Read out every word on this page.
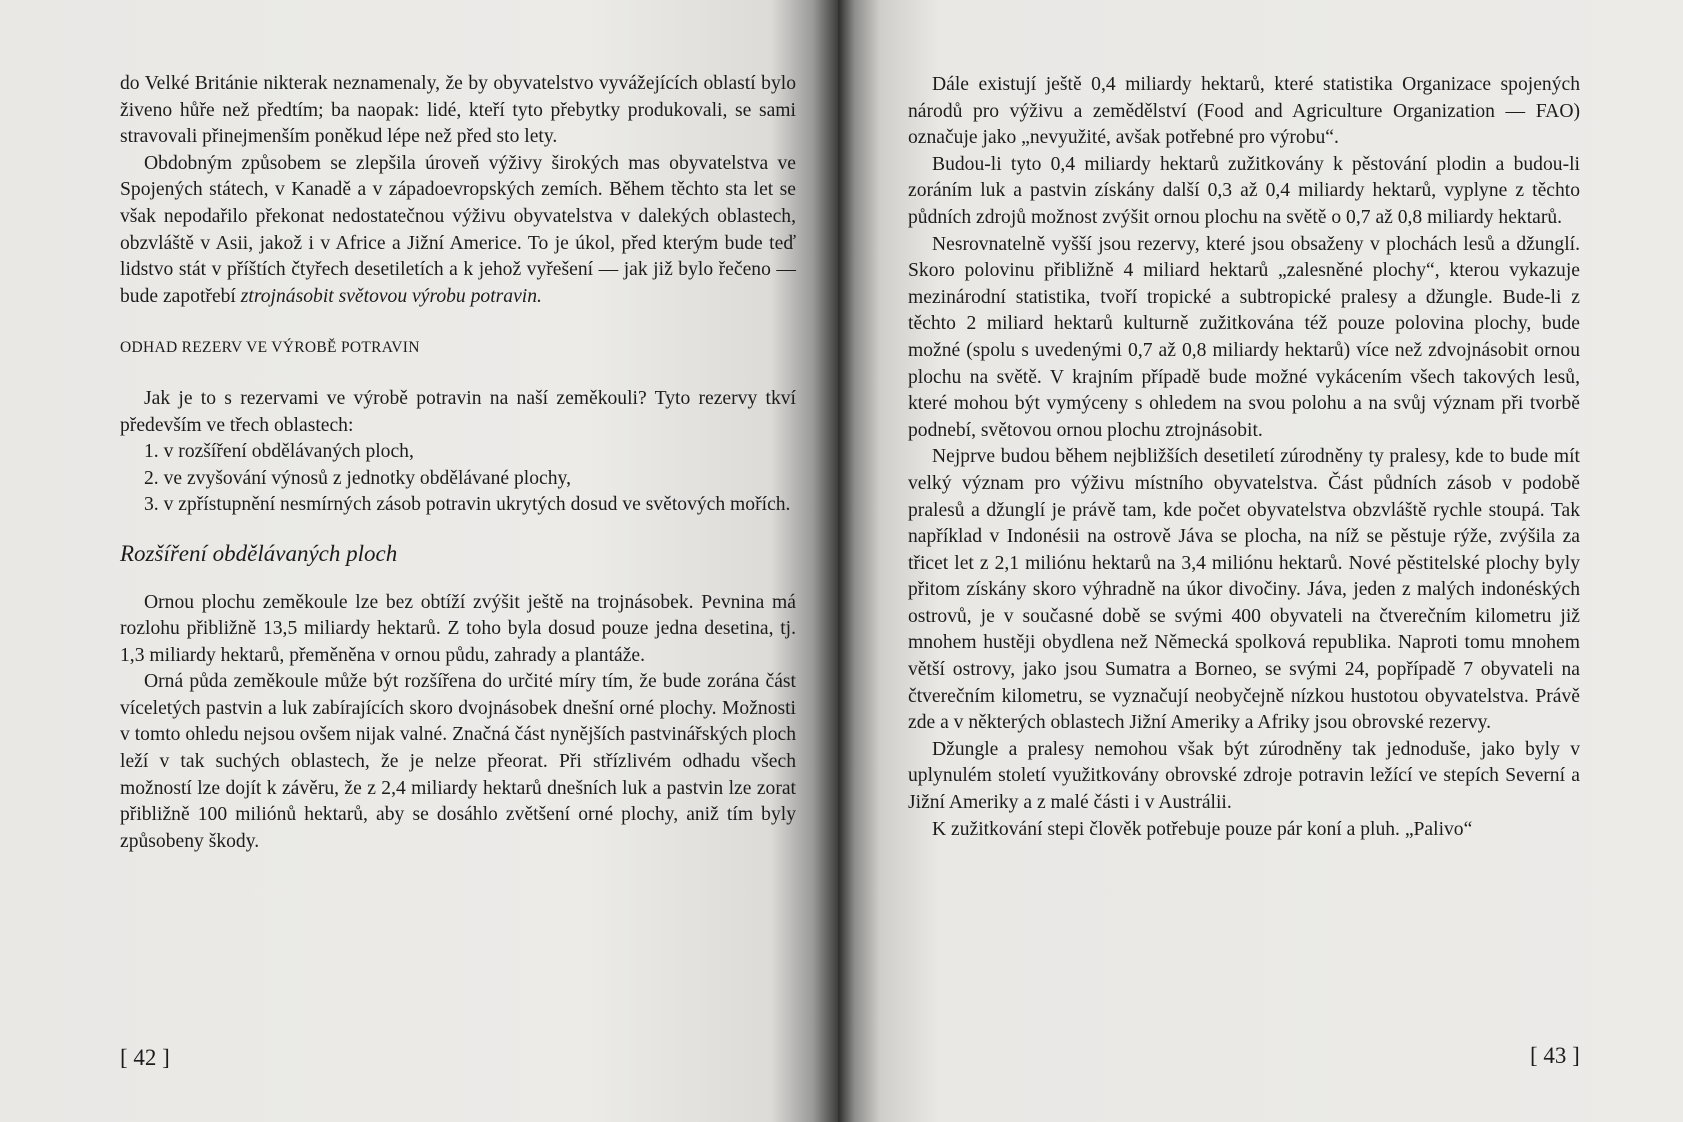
do Velké Británie nikterak neznamenaly, že by obyvatelstvo vyvážejících oblastí bylo živeno hůře než předtím; ba naopak: lidé, kteří tyto přebytky produkovali, se sami stravovali přinejmenším poněkud lépe než před sto lety.

Obdobným způsobem se zlepšila úroveň výživy širokých mas obyvatelstva ve Spojených státech, v Kanadě a v západoevropských zemích. Během těchto sta let se však nepodařilo překonat nedostatečnou výživu obyvatelstva v dalekých oblastech, obzvláště v Asii, jakož i v Africe a Jižní Americe. To je úkol, před kterým bude teď lidstvo stát v příštích čtyřech desetiletích a k jehož vyřešení — jak již bylo řečeno — bude zapotřebí ztrojnásobit světovou výrobu potravin.

ODHAD REZERV VE VÝROBĚ POTRAVIN

Jak je to s rezervami ve výrobě potravin na naší zeměkouli? Tyto rezervy tkví především ve třech oblastech:

1. v rozšíření obdělávaných ploch,

2. ve zvyšování výnosů z jednotky obdělávané plochy,

3. v zpřístupnění nesmírných zásob potravin ukrytých dosud ve světových mořích.

Rozšíření obdělávaných ploch

Ornou plochu zeměkoule lze bez obtíží zvýšit ještě na trojnásobek. Pevnina má rozlohu přibližně 13,5 miliardy hektarů. Z toho byla dosud pouze jedna desetina, tj. 1,3 miliardy hektarů, přeměněna v ornou půdu, zahrady a plantáže.

Orná půda zeměkoule může být rozšířena do určité míry tím, že bude zorána část víceletých pastvin a luk zabírajících skoro dvojnásobek dnešní orné plochy. Možnosti v tomto ohledu nejsou ovšem nijak valné. Značná část nynějších pastvinářských ploch leží v tak suchých oblastech, že je nelze přeorat. Při střízlivém odhadu všech možností lze dojít k závěru, že z 2,4 miliardy hektarů dnešních luk a pastvin lze zorat přibližně 100 miliónů hektarů, aby se dosáhlo zvětšení orné plochy, aniž tím byly způsobeny škody.

[ 42 ]

Dále existují ještě 0,4 miliardy hektarů, které statistika Organizace spojených národů pro výživu a zemědělství (Food and Agriculture Organization — FAO) označuje jako „nevyužité, avšak potřebné pro výrobu“.

Budou-li tyto 0,4 miliardy hektarů zužitkovány k pěstování plodin a budou-li zoráním luk a pastvin získány další 0,3 až 0,4 miliardy hektarů, vyplyne z těchto půdních zdrojů možnost zvýšit ornou plochu na světě o 0,7 až 0,8 miliardy hektarů.

Nesrovnatelně vyšší jsou rezervy, které jsou obsaženy v plochách lesů a džunglí. Skoro polovinu přibližně 4 miliard hektarů „zalesněné plochy“, kterou vykazuje mezinárodní statistika, tvoří tropické a subtropické pralesy a džungle. Bude-li z těchto 2 miliard hektarů kulturně zužitkována též pouze polovina plochy, bude možné (spolu s uvedenými 0,7 až 0,8 miliardy hektarů) více než zdvojnásobit ornou plochu na světě. V krajním případě bude možné vykácením všech takových lesů, které mohou být vymýceny s ohledem na svou polohu a na svůj význam při tvorbě podnebí, světovou ornou plochu ztrojnásobit.

Nejprve budou během nejbližších desetiletí zúrodněny ty pralesy, kde to bude mít velký význam pro výživu místního obyvatelstva. Část půdních zásob v podobě pralesů a džunglí je právě tam, kde počet obyvatelstva obzvláště rychle stoupá. Tak například v Indonésii na ostrově Jáva se plocha, na níž se pěstuje rýže, zvýšila za třicet let z 2,1 miliónu hektarů na 3,4 miliónu hektarů. Nové pěstitelské plochy byly přitom získány skoro výhradně na úkor divočiny. Jáva, jeden z malých indonéských ostrovů, je v současné době se svými 400 obyvateli na čtverečním kilometru již mnohem hustěji obydlena než Německá spolková republika. Naproti tomu mnohem větší ostrovy, jako jsou Sumatra a Borneo, se svými 24, popřípadě 7 obyvateli na čtverečním kilometru, se vyznačují neobyčejně nízkou hustotou obyvatelstva. Právě zde a v některých oblastech Jižní Ameriky a Afriky jsou obrovské rezervy.

Džungle a pralesy nemohou však být zúrodněny tak jednoduše, jako byly v uplynulém století využitkovány obrovské zdroje potravin ležící ve stepích Severní a Jižní Ameriky a z malé části i v Austrálii.

K zužitkování stepi člověk potřebuje pouze pár koní a pluh. „Palivo“

[ 43 ]
